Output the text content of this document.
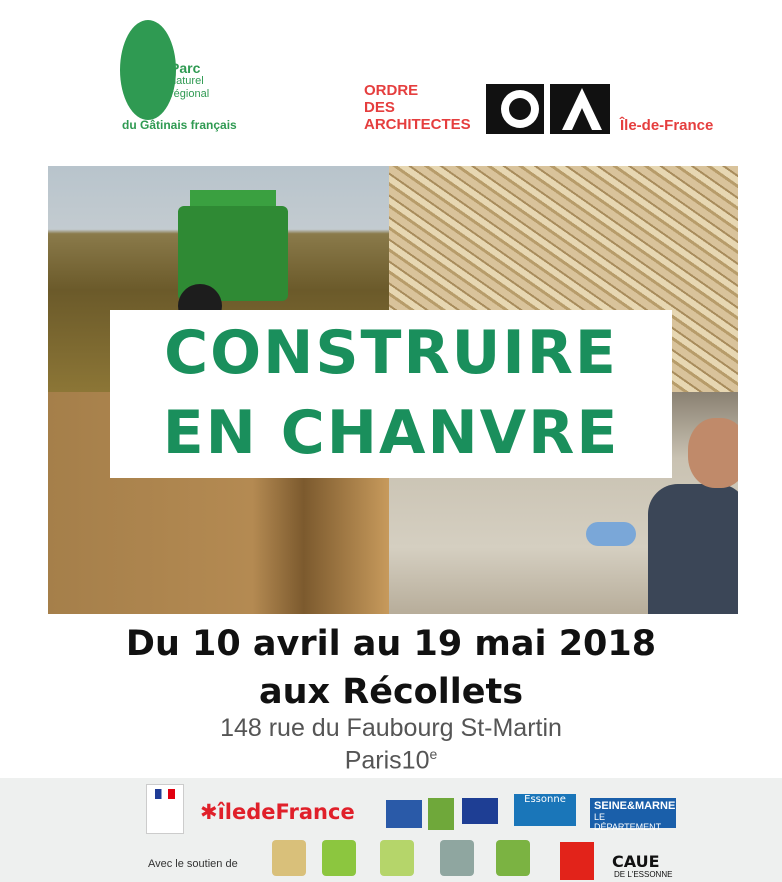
Parc
naturel
régional
du Gâtinais français
ORDRE
DES
ARCHITECTES	Île-de-France
CONSTRUIRE
EN CHANVRE
Du 10 avril au 19 mai 2018
aux Récollets
148 rue du Faubourg St-Martin
Paris10e
✱îledeFrance
Essonne
SEINE&MARNE
LE DÉPARTEMENT
Avec le soutien de	CAUE
DE L'ESSONNE
